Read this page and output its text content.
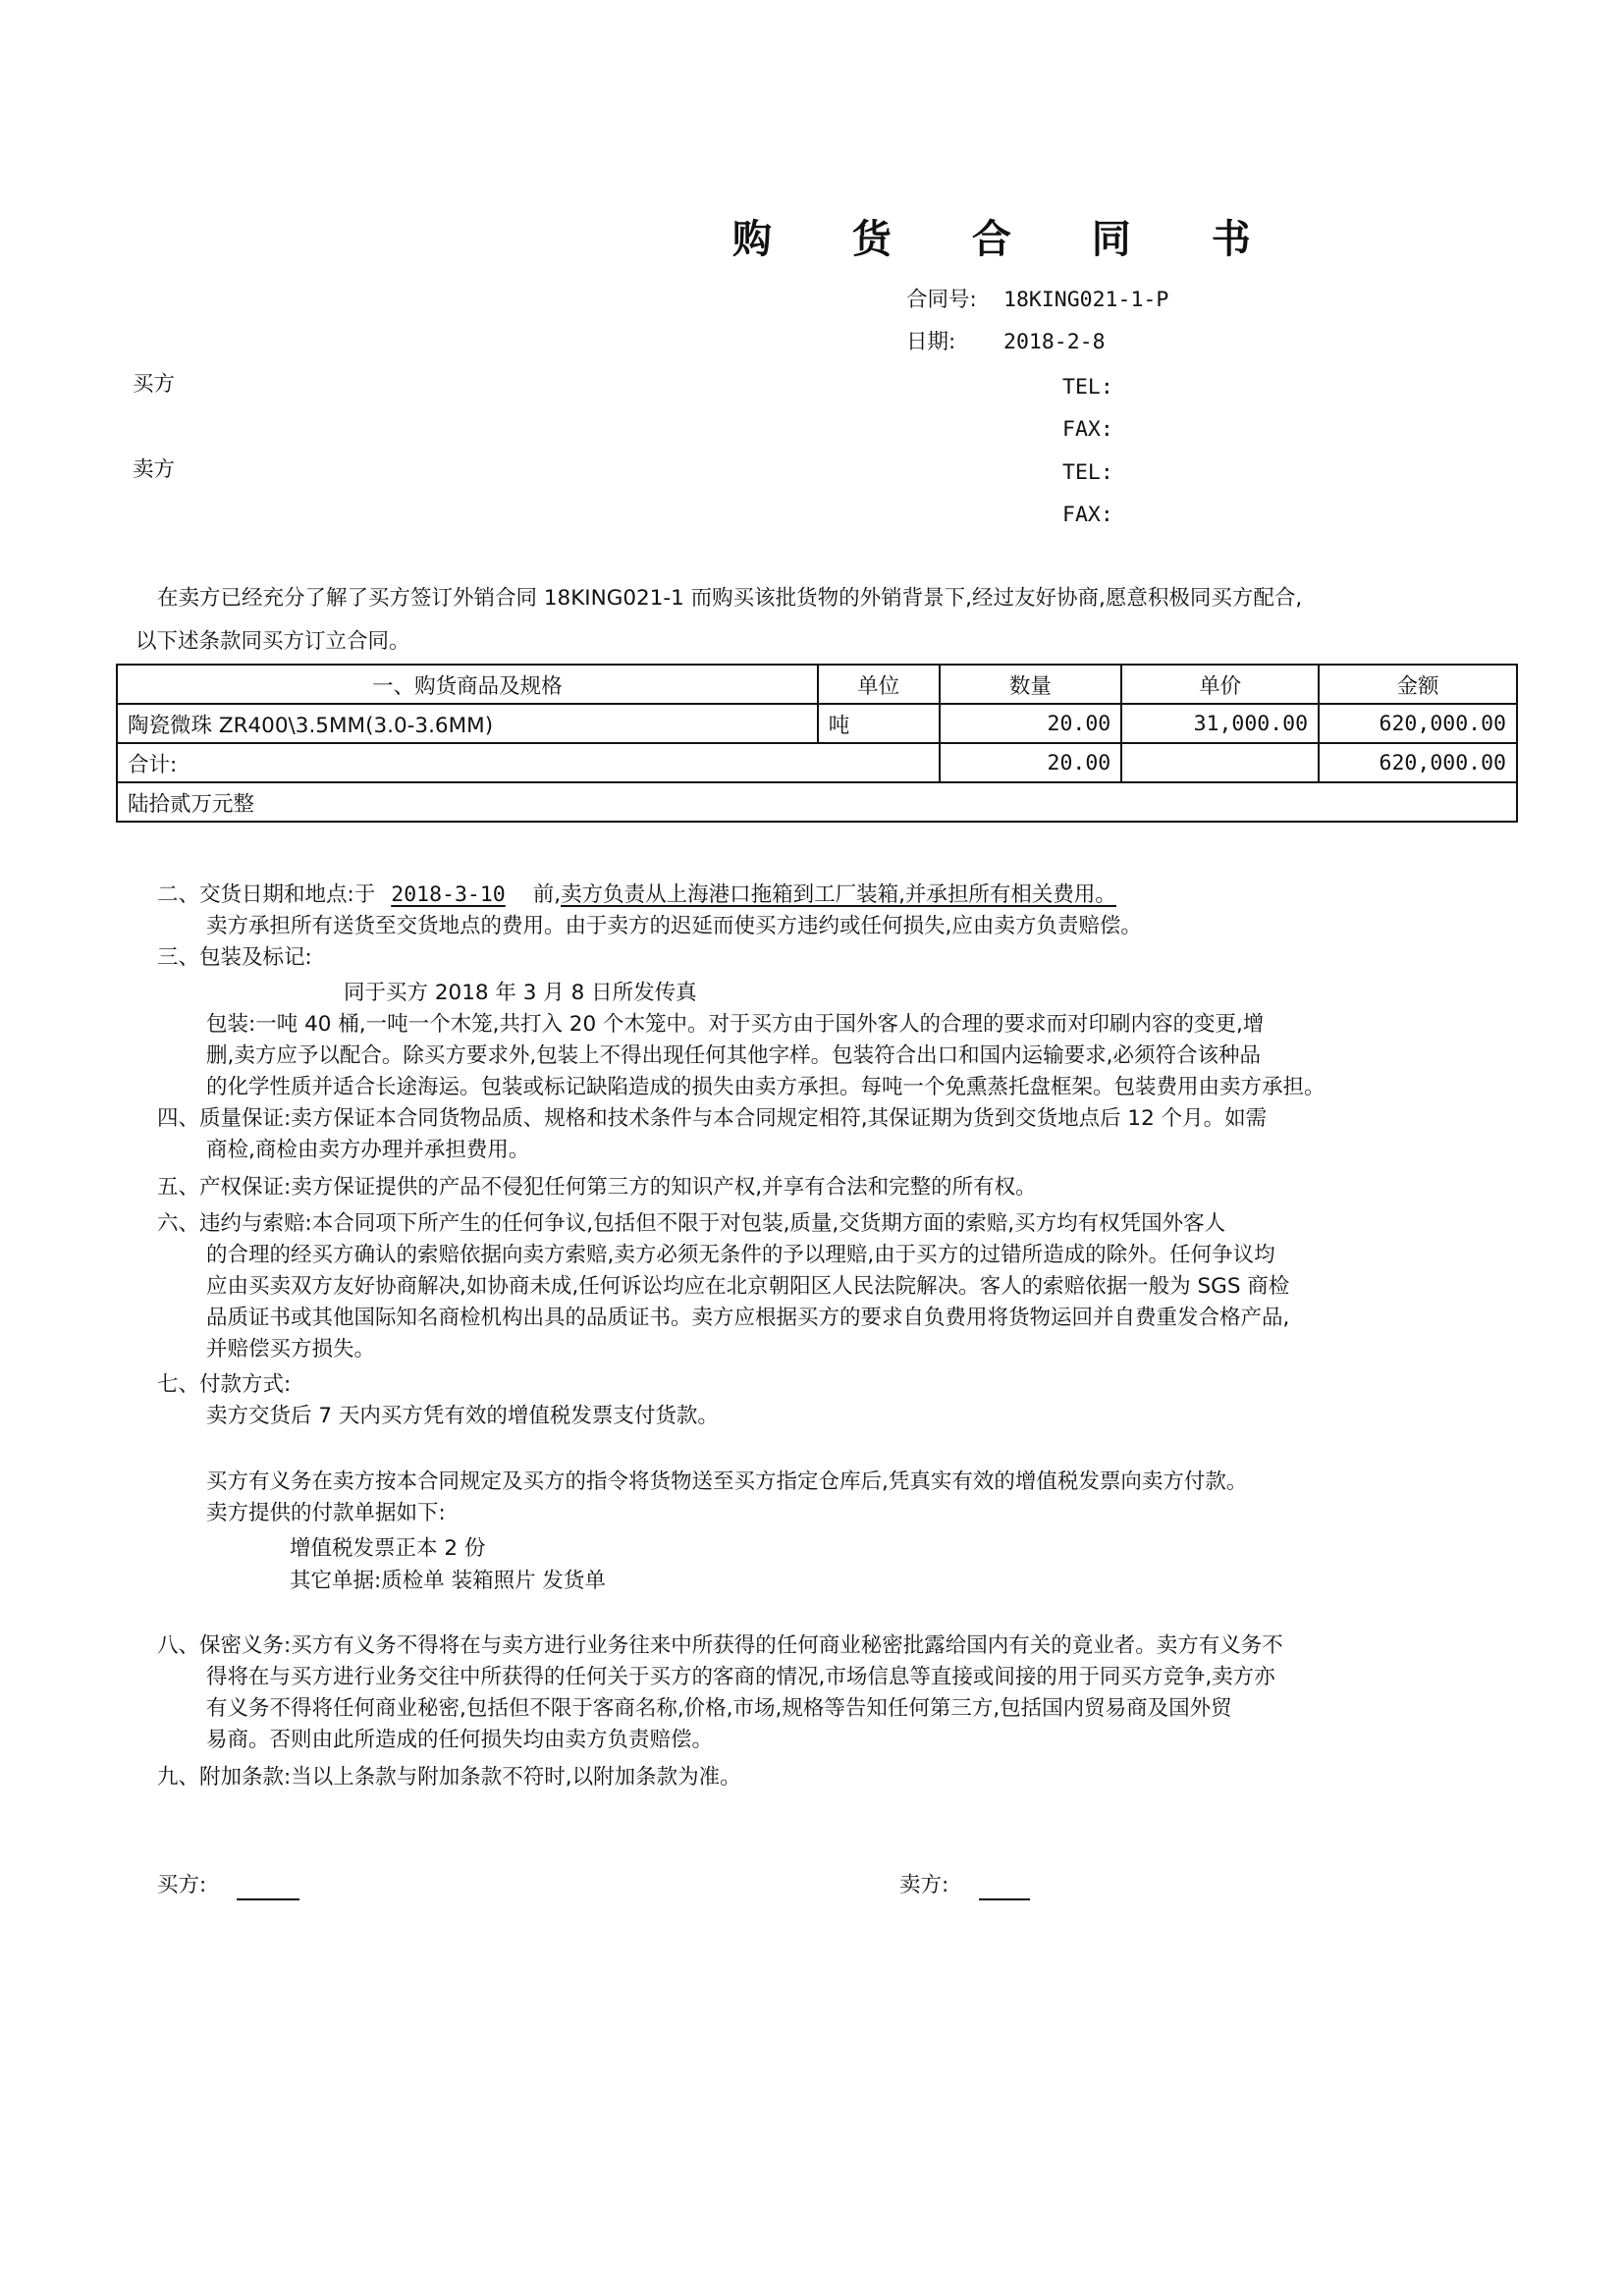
购 货 合 同 书
合同号: 18KING021-1-P
日期: 2018-2-8
买方	TEL:
FAX:
卖方	TEL:
FAX:
在卖方已经充分了解了买方签订外销合同 18KING021-1 而购买该批货物的外销背景下,经过友好协商,愿意积极同买方配合,
以下述条款同买方订立合同。
一、购货商品及规格	单位	数量	单价	金额
陶瓷微珠 ZR400\3.5MM(3.0-3.6MM)	吨	20.00	31,000.00	620,000.00
合计:		20.00		620,000.00
陆拾贰万元整				
二、交货日期和地点:于 2018-3-10 前,卖方负责从上海港口拖箱到工厂装箱,并承担所有相关费用。
卖方承担所有送货至交货地点的费用。由于卖方的迟延而使买方违约或任何损失,应由卖方负责赔偿。
三、包装及标记:
同于买方 2018 年 3 月 8 日所发传真
包装:一吨 40 桶,一吨一个木笼,共打入 20 个木笼中。对于买方由于国外客人的合理的要求而对印刷内容的变更,增
删,卖方应予以配合。除买方要求外,包装上不得出现任何其他字样。包装符合出口和国内运输要求,必须符合该种品
的化学性质并适合长途海运。包装或标记缺陷造成的损失由卖方承担。每吨一个免熏蒸托盘框架。包装费用由卖方承担。
四、质量保证:卖方保证本合同货物品质、规格和技术条件与本合同规定相符,其保证期为货到交货地点后 12 个月。如需
商检,商检由卖方办理并承担费用。
五、产权保证:卖方保证提供的产品不侵犯任何第三方的知识产权,并享有合法和完整的所有权。
六、违约与索赔:本合同项下所产生的任何争议,包括但不限于对包装,质量,交货期方面的索赔,买方均有权凭国外客人
的合理的经买方确认的索赔依据向卖方索赔,卖方必须无条件的予以理赔,由于买方的过错所造成的除外。任何争议均
应由买卖双方友好协商解决,如协商未成,任何诉讼均应在北京朝阳区人民法院解决。客人的索赔依据一般为 SGS 商检
品质证书或其他国际知名商检机构出具的品质证书。卖方应根据买方的要求自负费用将货物运回并自费重发合格产品,
并赔偿买方损失。
七、付款方式:
卖方交货后 7 天内买方凭有效的增值税发票支付货款。
买方有义务在卖方按本合同规定及买方的指令将货物送至买方指定仓库后,凭真实有效的增值税发票向卖方付款。
卖方提供的付款单据如下:
增值税发票正本 2 份
其它单据:质检单 装箱照片 发货单
八、保密义务:买方有义务不得将在与卖方进行业务往来中所获得的任何商业秘密批露给国内有关的竟业者。卖方有义务不
得将在与买方进行业务交往中所获得的任何关于买方的客商的情况,市场信息等直接或间接的用于同买方竞争,卖方亦
有义务不得将任何商业秘密,包括但不限于客商名称,价格,市场,规格等告知任何第三方,包括国内贸易商及国外贸
易商。否则由此所造成的任何损失均由卖方负责赔偿。
九、附加条款:当以上条款与附加条款不符时,以附加条款为准。
买方:	卖方:
